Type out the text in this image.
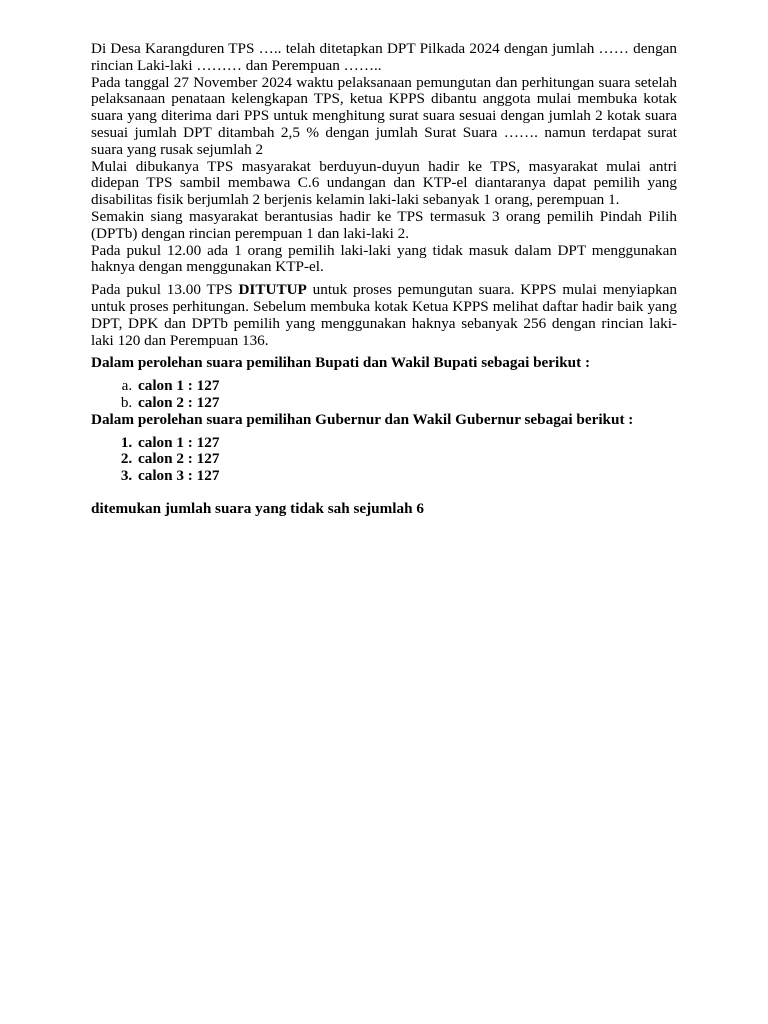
Di Desa Karangduren TPS ….. telah ditetapkan DPT Pilkada 2024 dengan jumlah …… dengan rincian Laki-laki ……… dan Perempuan ……..

Pada tanggal 27 November 2024 waktu pelaksanaan pemungutan dan perhitungan suara setelah pelaksanaan penataan kelengkapan TPS, ketua KPPS dibantu anggota mulai membuka kotak suara yang diterima dari PPS untuk menghitung surat suara sesuai dengan jumlah 2 kotak suara sesuai jumlah DPT ditambah 2,5 % dengan jumlah Surat Suara ……. namun terdapat surat suara yang rusak sejumlah 2

Mulai dibukanya TPS masyarakat berduyun-duyun hadir ke TPS, masyarakat mulai antri didepan TPS sambil membawa C.6 undangan dan KTP-el diantaranya dapat pemilih yang disabilitas fisik berjumlah 2 berjenis kelamin laki-laki sebanyak 1 orang, perempuan 1.

Semakin siang masyarakat berantusias hadir ke TPS termasuk 3 orang pemilih Pindah Pilih (DPTb) dengan rincian perempuan 1 dan laki-laki 2.

Pada pukul 12.00 ada 1 orang pemilih laki-laki yang tidak masuk dalam DPT menggunakan haknya dengan menggunakan KTP-el.

Pada pukul 13.00 TPS DITUTUP untuk proses pemungutan suara. KPPS mulai menyiapkan untuk proses perhitungan. Sebelum membuka kotak Ketua KPPS melihat daftar hadir baik yang DPT, DPK dan DPTb pemilih yang menggunakan haknya sebanyak 256 dengan rincian laki-laki 120 dan Perempuan 136.

Dalam perolehan suara pemilihan Bupati dan Wakil Bupati sebagai berikut :

a. calon 1 : 127
b. calon 2 : 127

Dalam perolehan suara pemilihan Gubernur dan Wakil Gubernur sebagai berikut :

1. calon 1 : 127
2. calon 2 : 127
3. calon 3 : 127

ditemukan jumlah suara yang tidak sah sejumlah 6
